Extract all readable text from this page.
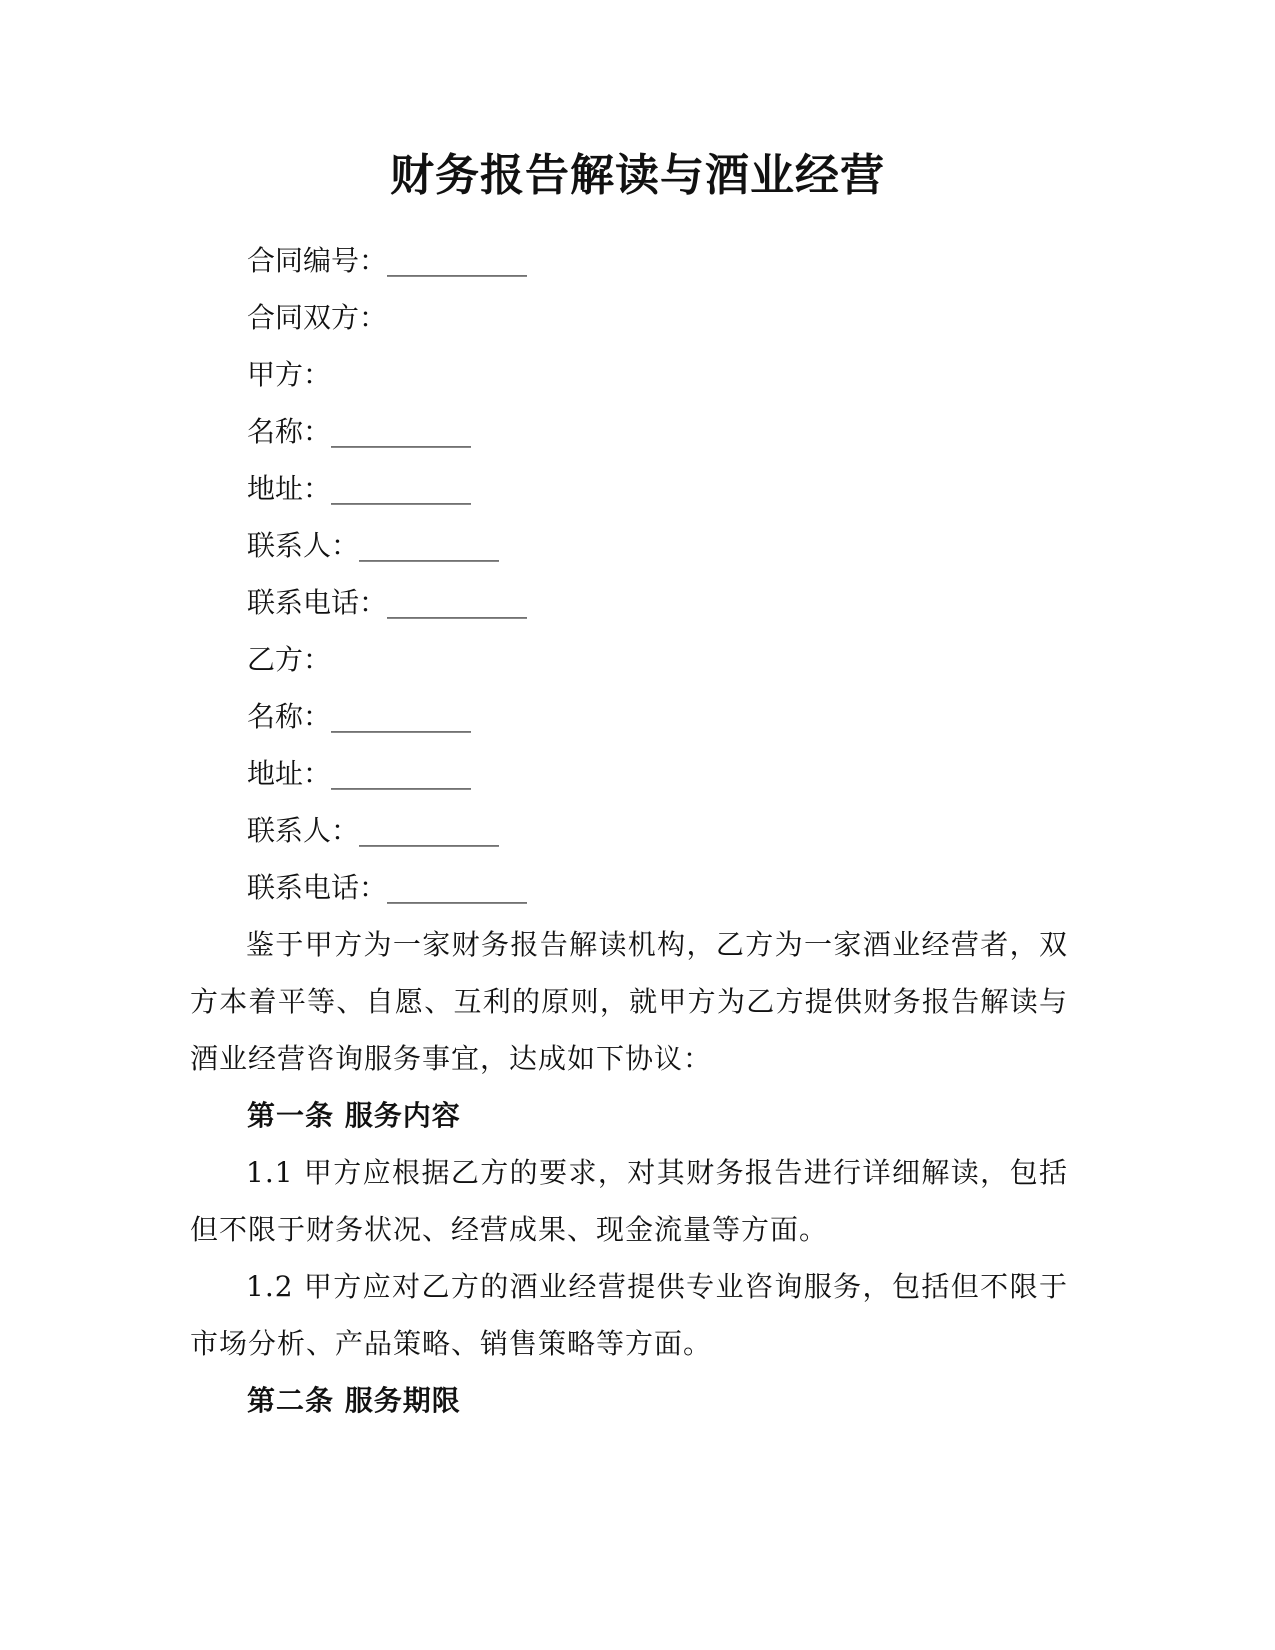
财务报告解读与酒业经营
合同编号：__________
合同双方：
甲方：
名称：__________
地址：__________
联系人：__________
联系电话：__________
乙方：
名称：__________
地址：__________
联系人：__________
联系电话：__________
鉴于甲方为一家财务报告解读机构，乙方为一家酒业经营者，双方本着平等、自愿、互利的原则，就甲方为乙方提供财务报告解读与酒业经营咨询服务事宜，达成如下协议：
第一条 服务内容
1.1 甲方应根据乙方的要求，对其财务报告进行详细解读，包括但不限于财务状况、经营成果、现金流量等方面。
1.2 甲方应对乙方的酒业经营提供专业咨询服务，包括但不限于市场分析、产品策略、销售策略等方面。
第二条 服务期限
